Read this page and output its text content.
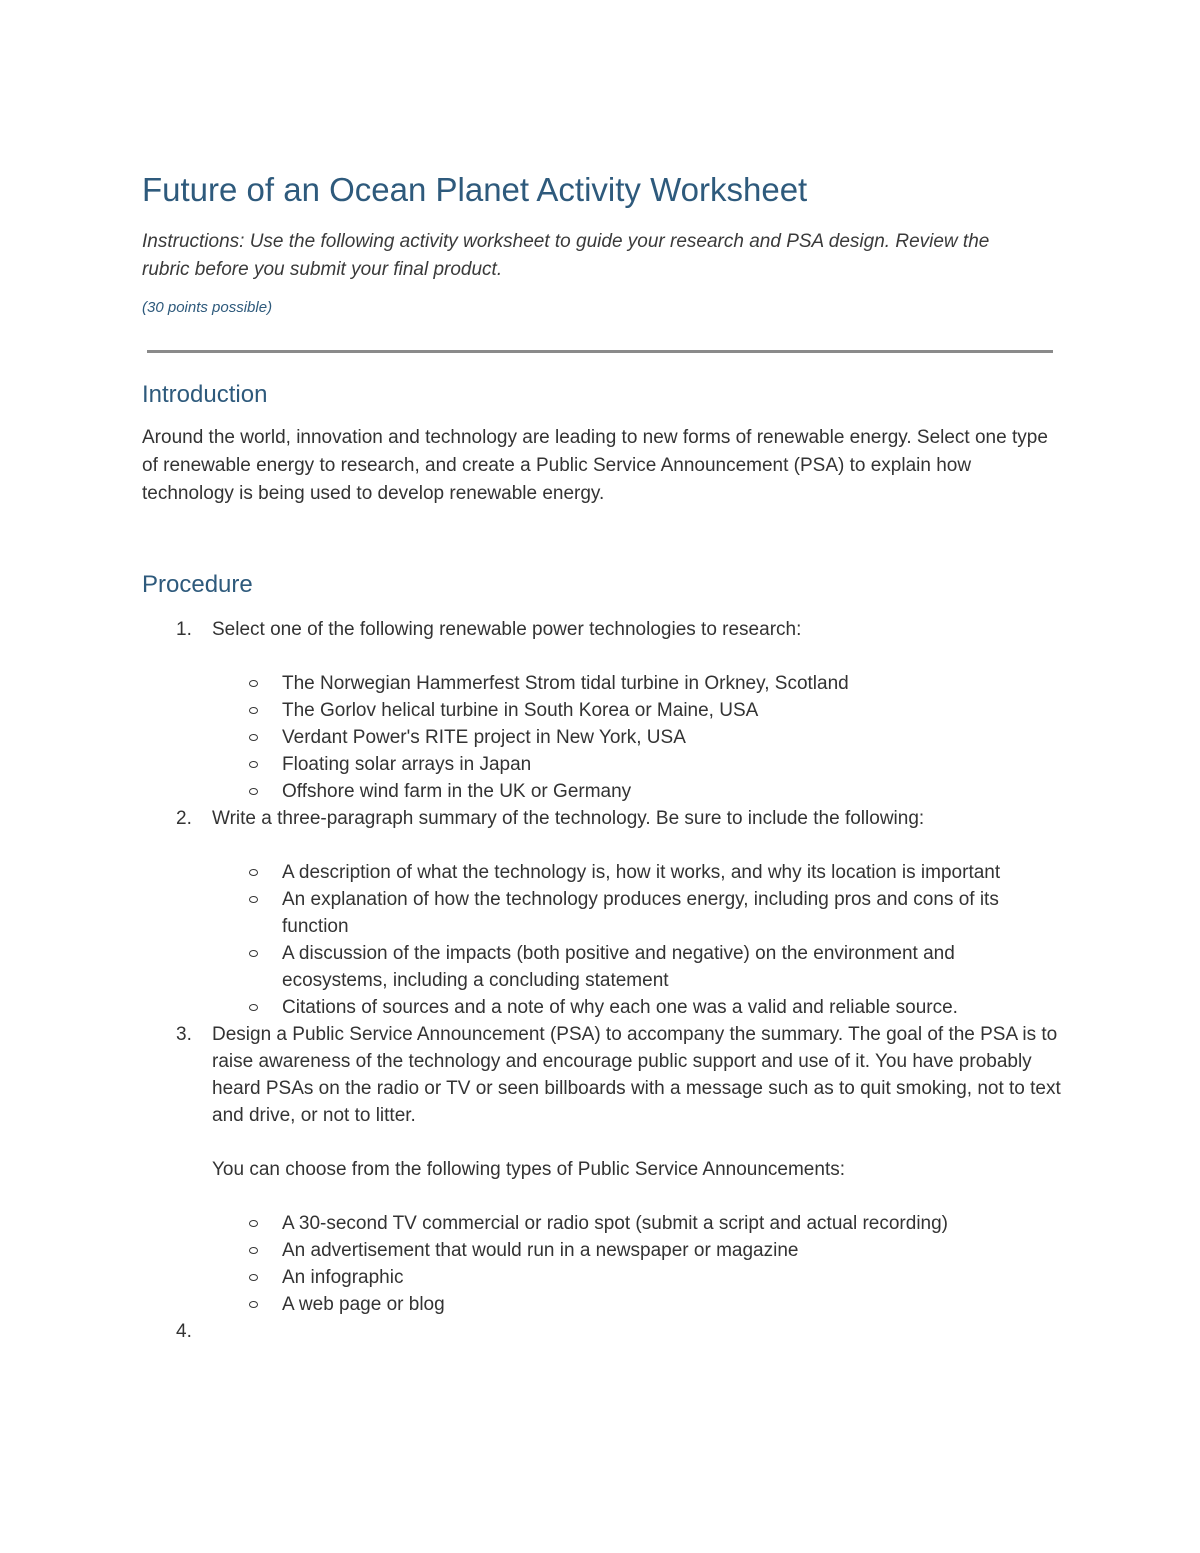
Future of an Ocean Planet Activity Worksheet
Instructions: Use the following activity worksheet to guide your research and PSA design. Review the rubric before you submit your final product.
(30 points possible)
Introduction
Around the world, innovation and technology are leading to new forms of renewable energy. Select one type of renewable energy to research, and create a Public Service Announcement (PSA) to explain how technology is being used to develop renewable energy.
Procedure
1. Select one of the following renewable power technologies to research:
The Norwegian Hammerfest Strom tidal turbine in Orkney, Scotland
The Gorlov helical turbine in South Korea or Maine, USA
Verdant Power's RITE project in New York, USA
Floating solar arrays in Japan
Offshore wind farm in the UK or Germany
2. Write a three-paragraph summary of the technology. Be sure to include the following:
A description of what the technology is, how it works, and why its location is important
An explanation of how the technology produces energy, including pros and cons of its function
A discussion of the impacts (both positive and negative) on the environment and ecosystems, including a concluding statement
Citations of sources and a note of why each one was a valid and reliable source.
3. Design a Public Service Announcement (PSA) to accompany the summary. The goal of the PSA is to raise awareness of the technology and encourage public support and use of it. You have probably heard PSAs on the radio or TV or seen billboards with a message such as to quit smoking, not to text and drive, or not to litter.
You can choose from the following types of Public Service Announcements:
A 30-second TV commercial or radio spot (submit a script and actual recording)
An advertisement that would run in a newspaper or magazine
An infographic
A web page or blog
4.
